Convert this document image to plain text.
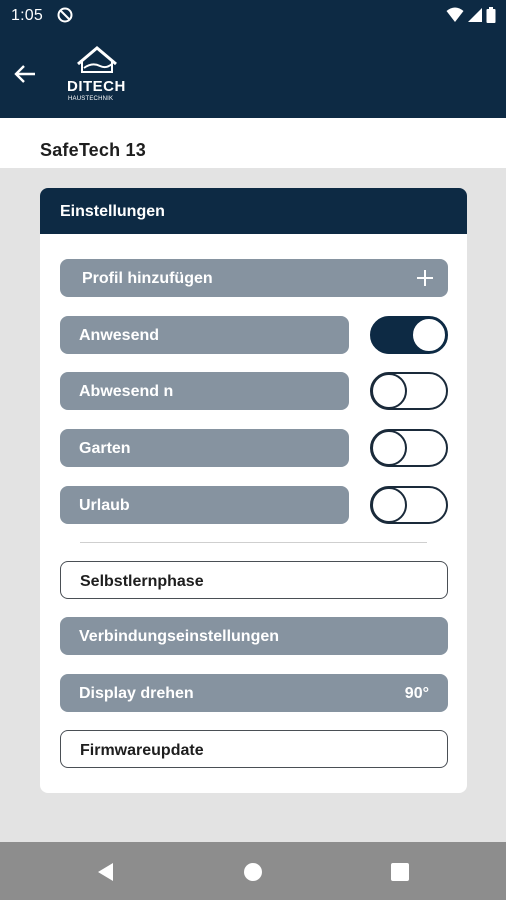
1:05
DITECH
HAUSTECHNIK
SafeTech 13
Einstellungen
Profil hinzufügen
Anwesend
Abwesend n
Garten
Urlaub
Selbstlernphase
Verbindungseinstellungen
Display drehen	90°
Firmwareupdate
